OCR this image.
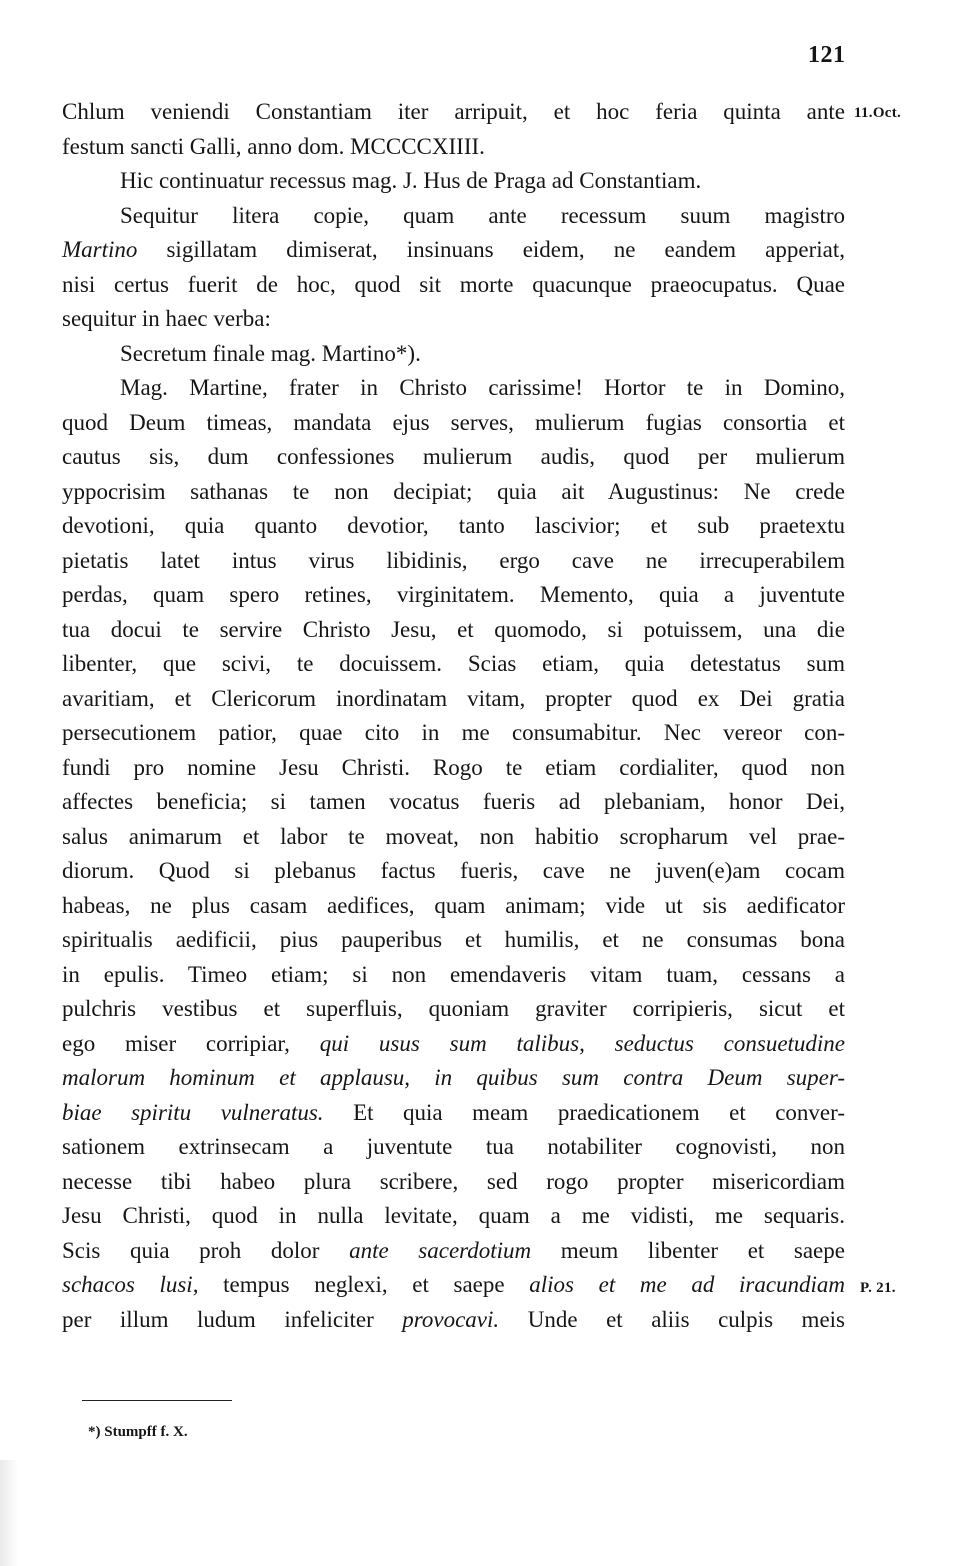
121
11.Oct.
P. 21.
Chlum veniendi Constantiam iter arripuit, et hoc feria quinta ante
festum sancti Galli, anno dom. MCCCCXIIII.
Hic continuatur recessus mag. J. Hus de Praga ad Constantiam.
Sequitur litera copie, quam ante recessum suum magistro
Martino sigillatam dimiserat, insinuans eidem, ne eandem apperiat,
nisi certus fuerit de hoc, quod sit morte quacunque praeocupatus. Quae
sequitur in haec verba:
Secretum finale mag. Martino*).
Mag. Martine, frater in Christo carissime! Hortor te in Domino,
quod Deum timeas, mandata ejus serves, mulierum fugias consortia et
cautus sis, dum confessiones mulierum audis, quod per mulierum
yppocrisim sathanas te non decipiat; quia ait Augustinus: Ne crede
devotioni, quia quanto devotior, tanto lascivior; et sub praetextu
pietatis latet intus virus libidinis, ergo cave ne irrecuperabilem
perdas, quam spero retines, virginitatem. Memento, quia a juventute
tua docui te servire Christo Jesu, et quomodo, si potuissem, una die
libenter, que scivi, te docuissem. Scias etiam, quia detestatus sum
avaritiam, et Clericorum inordinatam vitam, propter quod ex Dei gratia
persecutionem patior, quae cito in me consumabitur. Nec vereor con-
fundi pro nomine Jesu Christi. Rogo te etiam cordialiter, quod non
affectes beneficia; si tamen vocatus fueris ad plebaniam, honor Dei,
salus animarum et labor te moveat, non habitio scropharum vel prae-
diorum. Quod si plebanus factus fueris, cave ne juven(e)am cocam
habeas, ne plus casam aedifices, quam animam; vide ut sis aedificator
spiritualis aedificii, pius pauperibus et humilis, et ne consumas bona
in epulis. Timeo etiam; si non emendaveris vitam tuam, cessans a
pulchris vestibus et superfluis, quoniam graviter corripieris, sicut et
ego miser corripiar, qui usus sum talibus, seductus consuetudine
malorum hominum et applausu, in quibus sum contra Deum super-
biae spiritu vulneratus. Et quia meam praedicationem et conver-
sationem extrinsecam a juventute tua notabiliter cognovisti, non
necesse tibi habeo plura scribere, sed rogo propter misericordiam
Jesu Christi, quod in nulla levitate, quam a me vidisti, me sequaris.
Scis quia proh dolor ante sacerdotium meum libenter et saepe
schacos lusi, tempus neglexi, et saepe alios et me ad iracundiam
per illum ludum infeliciter provocavi. Unde et aliis culpis meis
*) Stumpff f. X.
